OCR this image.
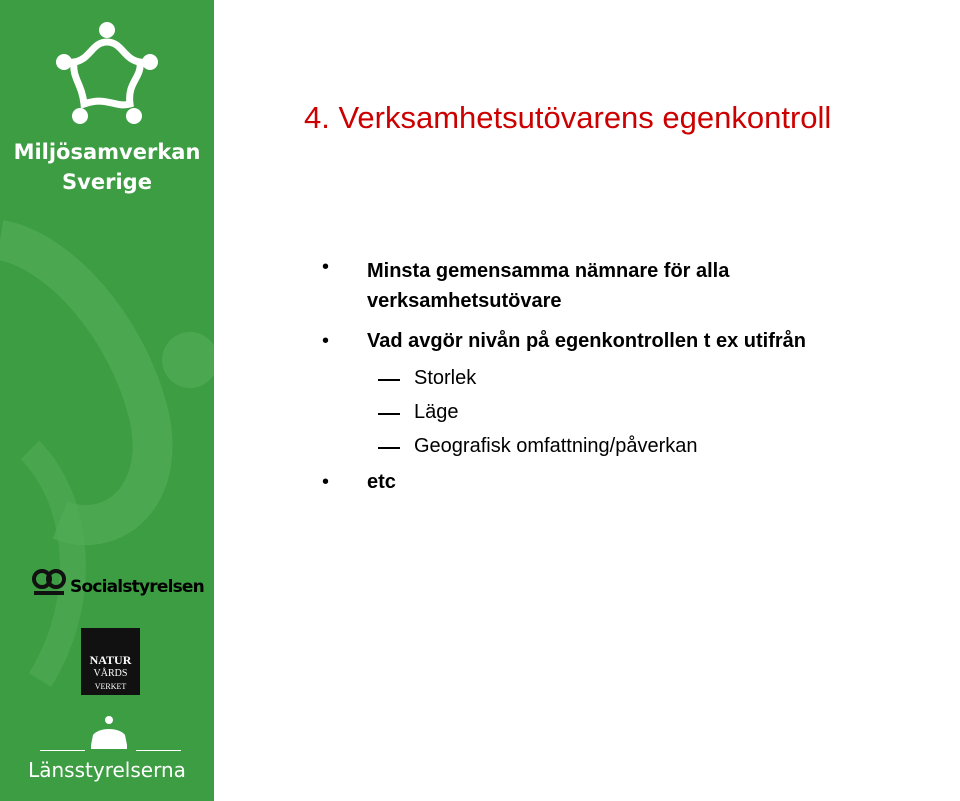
Miljösamverkan
Sverige
Socialstyrelsen
NATUR
VÅRDS
VERKET
Länsstyrelserna
4. Verksamhetsutövarens egenkontroll
• Minsta gemensamma nämnare för alla
verksamhetsutövare
• Vad avgör nivån på egenkontrollen t ex utifrån
Storlek
Läge
Geografisk omfattning/påverkan
• etc
